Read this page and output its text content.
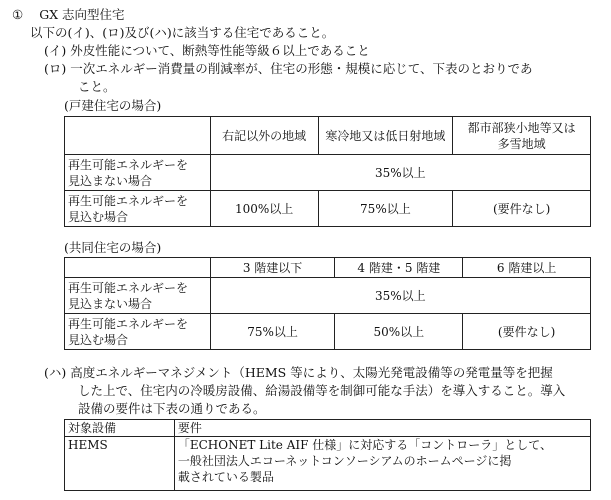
① GX 志向型住宅
以下の(イ)、(ロ)及び(ハ)に該当する住宅であること。
(イ) 外皮性能について、断熱等性能等級６以上であること
(ロ) 一次エネルギー消費量の削減率が、住宅の形態・規模に応じて、下表のとおりであ
こと。
(戸建住宅の場合)
	右記以外の地域	寒冷地又は低日射地域	都市部狭小地等又は
多雪地域

再生可能エネルギーを
見込まない場合	35%以上		

再生可能エネルギーを
見込む場合	100%以上	75%以上	(要件なし)
(共同住宅の場合)
	3 階建以下	4 階建・5 階建	6 階建以上

再生可能エネルギーを
見込まない場合	35%以上		

再生可能エネルギーを
見込む場合	75%以上	50%以上	(要件なし)
(ハ) 高度エネルギーマネジメント（HEMS 等により、太陽光発電設備等の発電量等を把握
した上で、住宅内の冷暖房設備、給湯設備等を制御可能な手法）を導入すること。導入
設備の要件は下表の通りである。
対象設備	要件
HEMS	「ECHONET Lite AIF 仕様」に対応する「コントローラ」として、
一般社団法人エコーネットコンソーシアムのホームページに掲
載されている製品
